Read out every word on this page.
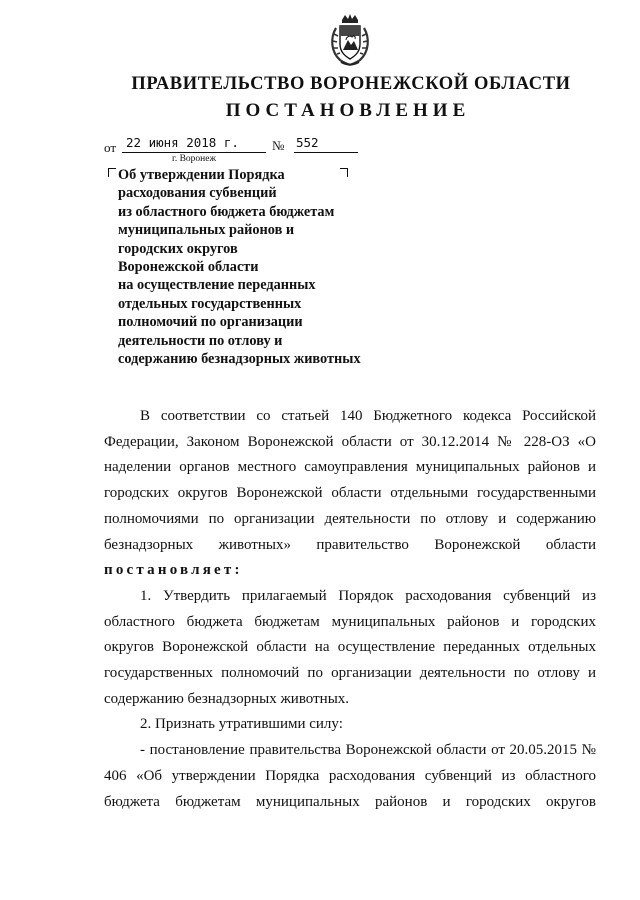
ПРАВИТЕЛЬСТВО ВОРОНЕЖСКОЙ ОБЛАСТИ
ПОСТАНОВЛЕНИЕ
от 22 июня 2018 г.	№ 552
г. Воронеж
Об утверждении Порядка
расходования субвенций
из областного бюджета бюджетам
муниципальных районов и
городских округов
Воронежской области
на осуществление переданных
отдельных государственных
полномочий по организации
деятельности по отлову и
содержанию безнадзорных животных

В соответствии со статьей 140 Бюджетного кодекса Российской Федерации, Законом Воронежской области от 30.12.2014 № 228-ОЗ «О наделении органов местного самоуправления муниципальных районов и городских округов Воронежской области отдельными государственными полномочиями по организации деятельности по отлову и содержанию безнадзорных животных» правительство Воронежской области

постановляет:

1. Утвердить прилагаемый Порядок расходования субвенций из областного бюджета бюджетам муниципальных районов и городских округов Воронежской области на осуществление переданных отдельных государственных полномочий по организации деятельности по отлову и содержанию безнадзорных животных.

2. Признать утратившими силу:

- постановление правительства Воронежской области от 20.05.2015 № 406 «Об утверждении Порядка расходования субвенций из областного бюджета бюджетам муниципальных районов и городских округов
